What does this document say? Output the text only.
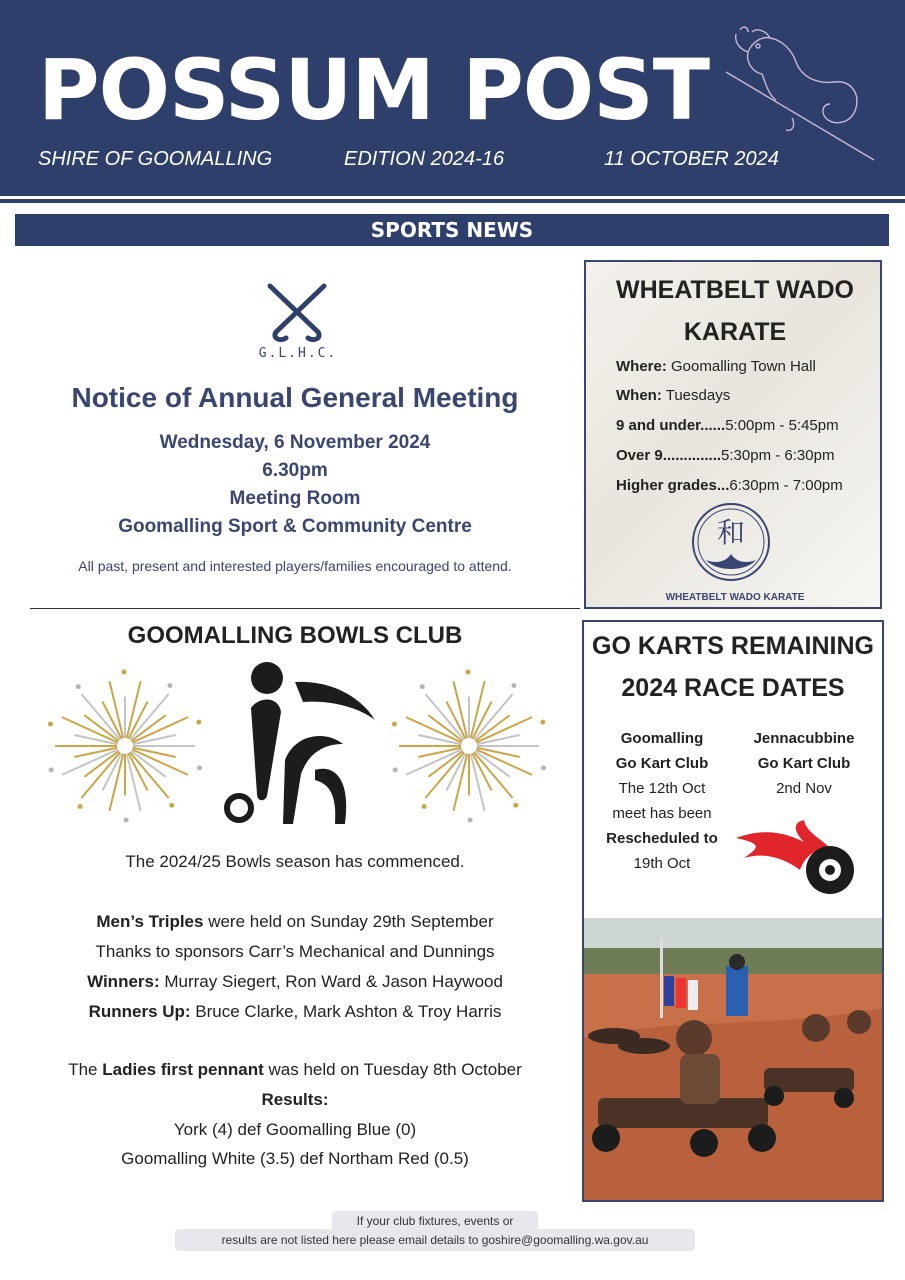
POSSUM POST
SHIRE OF GOOMALLING	EDITION 2024-16	11 OCTOBER 2024
SPORTS NEWS
G.L.H.C.
Notice of Annual General Meeting
Wednesday, 6 November 2024
6.30pm
Meeting Room
Goomalling Sport & Community Centre
All past, present and interested players/families encouraged to attend.
WHEATBELT WADO
KARATE
Where: Goomalling Town Hall
When: Tuesdays
9 and under......5:00pm - 5:45pm
Over 9..............5:30pm - 6:30pm
Higher grades...6:30pm - 7:00pm
和
WHEATBELT WADO KARATE
GOOMALLING BOWLS CLUB
The 2024/25 Bowls season has commenced.
Men’s Triples were held on Sunday 29th September
Thanks to sponsors Carr’s Mechanical and Dunnings
Winners: Murray Siegert, Ron Ward & Jason Haywood
Runners Up: Bruce Clarke, Mark Ashton & Troy Harris
The Ladies first pennant was held on Tuesday 8th October
Results:
York (4) def Goomalling Blue (0)
Goomalling White (3.5) def Northam Red (0.5)
GO KARTS REMAINING
2024 RACE DATES
Goomalling
Go Kart Club
The 12th Oct
meet has been
Rescheduled to
19th Oct
Jennacubbine
Go Kart Club
2nd Nov
If your club fixtures, events or
results are not listed here please email details to goshire@goomalling.wa.gov.au
